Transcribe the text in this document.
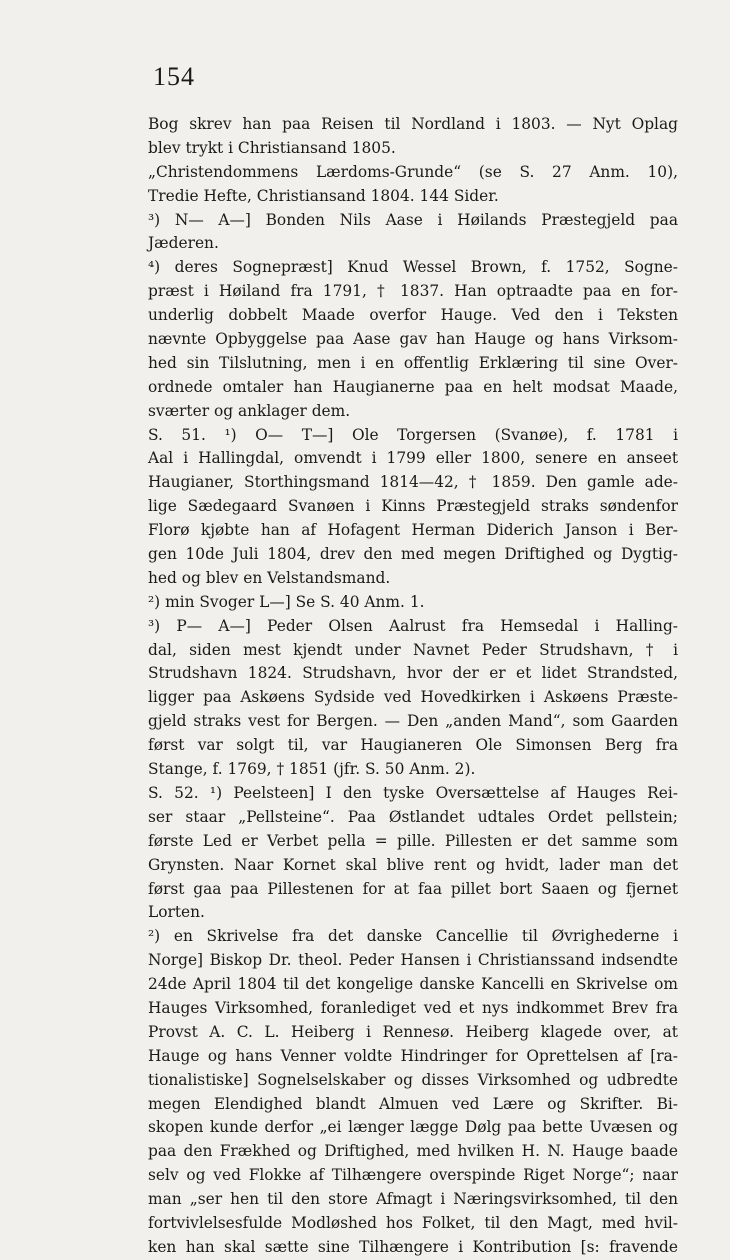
154
Bog skrev han paa Reisen til Nordland i 1803. — Nyt Oplag
blev trykt i Christiansand 1805.
„Christendommens Lærdoms-Grunde“ (se S. 27 Anm. 10),
Tredie Hefte, Christiansand 1804. 144 Sider.
³) N— A—] Bonden Nils Aase i Høilands Præstegjeld paa
Jæderen.
⁴) deres Sognepræst] Knud Wessel Brown, f. 1752, Sogne-
præst i Høiland fra 1791, † 1837. Han optraadte paa en for-
underlig dobbelt Maade overfor Hauge. Ved den i Teksten
nævnte Opbyggelse paa Aase gav han Hauge og hans Virksom-
hed sin Tilslutning, men i en offentlig Erklæring til sine Over-
ordnede omtaler han Haugianerne paa en helt modsat Maade,
sværter og anklager dem.
S. 51. ¹) O— T—] Ole Torgersen (Svanøe), f. 1781 i
Aal i Hallingdal, omvendt i 1799 eller 1800, senere en anseet
Haugianer, Storthingsmand 1814—42, † 1859. Den gamle ade-
lige Sædegaard Svanøen i Kinns Præstegjeld straks søndenfor
Florø kjøbte han af Hofagent Herman Diderich Janson i Ber-
gen 10de Juli 1804, drev den med megen Driftighed og Dygtig-
hed og blev en Velstandsmand.
²) min Svoger L—] Se S. 40 Anm. 1.
³) P— A—] Peder Olsen Aalrust fra Hemsedal i Halling-
dal, siden mest kjendt under Navnet Peder Strudshavn, † i
Strudshavn 1824. Strudshavn, hvor der er et lidet Strandsted,
ligger paa Askøens Sydside ved Hovedkirken i Askøens Præste-
gjeld straks vest for Bergen. — Den „anden Mand“, som Gaarden
først var solgt til, var Haugianeren Ole Simonsen Berg fra
Stange, f. 1769, † 1851 (jfr. S. 50 Anm. 2).
S. 52. ¹) Peelsteen] I den tyske Oversættelse af Hauges Rei-
ser staar „Pellsteine“. Paa Østlandet udtales Ordet pellstein;
første Led er Verbet pella = pille. Pillesten er det samme som
Grynsten. Naar Kornet skal blive rent og hvidt, lader man det
først gaa paa Pillestenen for at faa pillet bort Saaen og fjernet
Lorten.
²) en Skrivelse fra det danske Cancellie til Øvrighederne i
Norge] Biskop Dr. theol. Peder Hansen i Christianssand indsendte
24de April 1804 til det kongelige danske Kancelli en Skrivelse om
Hauges Virksomhed, foranlediget ved et nys indkommet Brev fra
Provst A. C. L. Heiberg i Rennesø. Heiberg klagede over, at
Hauge og hans Venner voldte Hindringer for Oprettelsen af [ra-
tionalistiske] Sognelselskaber og disses Virksomhed og udbredte
megen Elendighed blandt Almuen ved Lære og Skrifter. Bi-
skopen kunde derfor „ei længer lægge Dølg paa bette Uvæsen og
paa den Frækhed og Driftighed, med hvilken H. N. Hauge baade
selv og ved Flokke af Tilhængere overspinde Riget Norge“; naar
man „ser hen til den store Afmagt i Næringsvirksomhed, til den
fortvivlelsesfulde Modløshed hos Folket, til den Magt, med hvil-
ken han skal sætte sine Tilhængere i Kontribution [s: fravende
